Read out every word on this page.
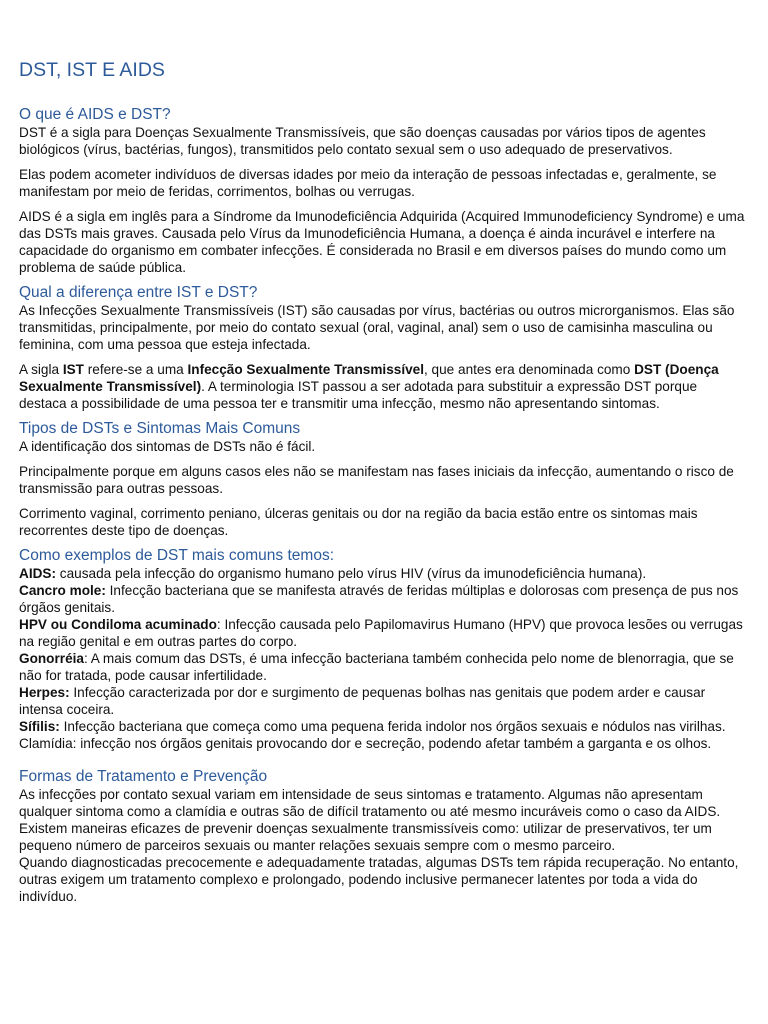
DST, IST E AIDS
O que é AIDS e DST?

DST é a sigla para Doenças Sexualmente Transmissíveis, que são doenças causadas por vários tipos de agentes biológicos (vírus, bactérias, fungos), transmitidos pelo contato sexual sem o uso adequado de preservativos.

Elas podem acometer indivíduos de diversas idades por meio da interação de pessoas infectadas e, geralmente, se manifestam por meio de feridas, corrimentos, bolhas ou verrugas.

AIDS é a sigla em inglês para a Síndrome da Imunodeficiência Adquirida (Acquired Immunodeficiency Syndrome) e uma das DSTs mais graves. Causada pelo Vírus da Imunodeficiência Humana, a doença é ainda incurável e interfere na capacidade do organismo em combater infecções. É considerada no Brasil e em diversos países do mundo como um problema de saúde pública.

Qual a diferença entre IST e DST?

As Infecções Sexualmente Transmissíveis (IST) são causadas por vírus, bactérias ou outros microrganismos. Elas são transmitidas, principalmente, por meio do contato sexual (oral, vaginal, anal) sem o uso de camisinha masculina ou feminina, com uma pessoa que esteja infectada.

A sigla IST refere-se a uma Infecção Sexualmente Transmissível, que antes era denominada como DST (Doença Sexualmente Transmissível). A terminologia IST passou a ser adotada para substituir a expressão DST porque destaca a possibilidade de uma pessoa ter e transmitir uma infecção, mesmo não apresentando sintomas.

Tipos de DSTs e Sintomas Mais Comuns

A identificação dos sintomas de DSTs não é fácil.

Principalmente porque em alguns casos eles não se manifestam nas fases iniciais da infecção, aumentando o risco de transmissão para outras pessoas.

Corrimento vaginal, corrimento peniano, úlceras genitais ou dor na região da bacia estão entre os sintomas mais recorrentes deste tipo de doenças.

Como exemplos de DST mais comuns temos:
AIDS: causada pela infecção do organismo humano pelo vírus HIV (vírus da imunodeficiência humana).
Cancro mole: Infecção bacteriana que se manifesta através de feridas múltiplas e dolorosas com presença de pus nos órgãos genitais.
HPV ou Condiloma acuminado: Infecção causada pelo Papilomavirus Humano (HPV) que provoca lesões ou verrugas na região genital e em outras partes do corpo.
Gonorréia: A mais comum das DSTs, é uma infecção bacteriana também conhecida pelo nome de blenorragia, que se não for tratada, pode causar infertilidade.
Herpes: Infecção caracterizada por dor e surgimento de pequenas bolhas nas genitais que podem arder e causar intensa coceira.
Sífilis: Infecção bacteriana que começa como uma pequena ferida indolor nos órgãos sexuais e nódulos nas virilhas.
Clamídia: infecção nos órgãos genitais provocando dor e secreção, podendo afetar também a garganta e os olhos.
Formas de Tratamento e Prevenção

As infecções por contato sexual variam em intensidade de seus sintomas e tratamento. Algumas não apresentam qualquer sintoma como a clamídia e outras são de difícil tratamento ou até mesmo incuráveis como o caso da AIDS.

Existem maneiras eficazes de prevenir doenças sexualmente transmissíveis como: utilizar de preservativos, ter um pequeno número de parceiros sexuais ou manter relações sexuais sempre com o mesmo parceiro.

Quando diagnosticadas precocemente e adequadamente tratadas, algumas DSTs tem rápida recuperação. No entanto, outras exigem um tratamento complexo e prolongado, podendo inclusive permanecer latentes por toda a vida do indivíduo.
